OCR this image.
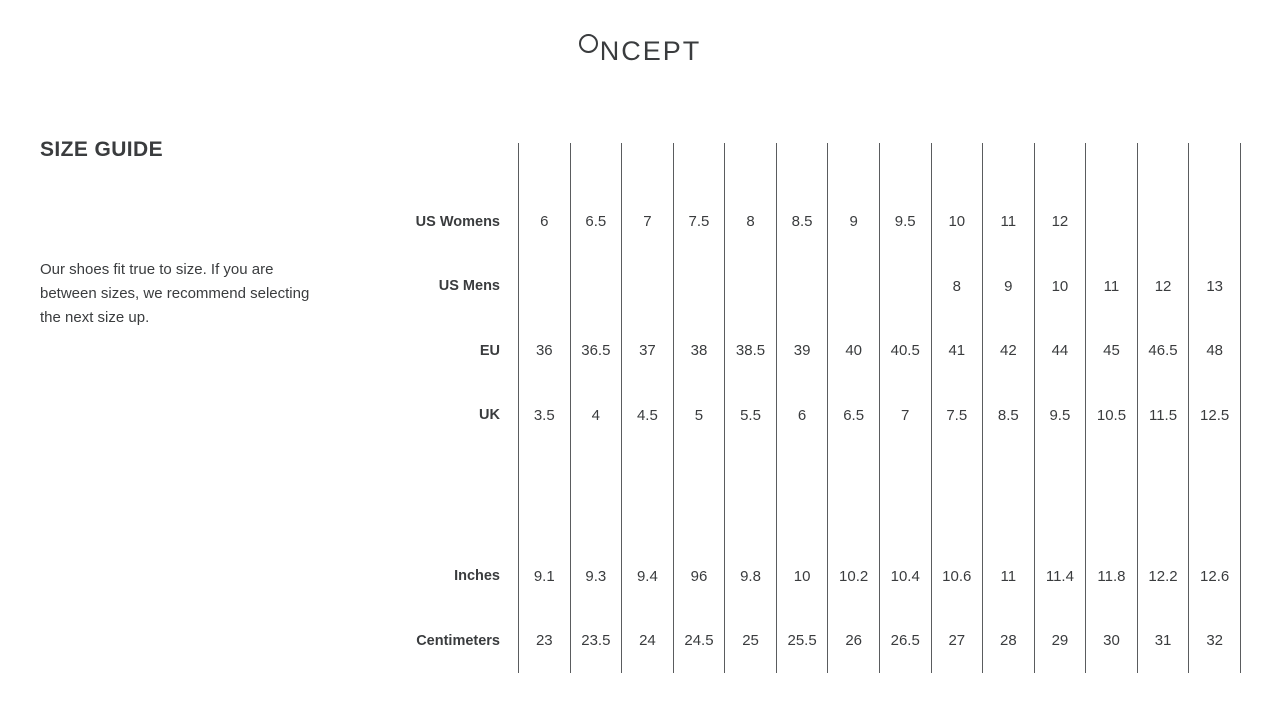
NCEPT
SIZE GUIDE

Our shoes fit true to size. If you are between sizes, we recommend selecting the next size up.

US Womens	6	6.5	7	7.5	8	8.5	9	9.5	10	11	12			
US Mens									8	9	10	11	12	13
EU	36	36.5	37	38	38.5	39	40	40.5	41	42	44	45	46.5	48
UK	3.5	4	4.5	5	5.5	6	6.5	7	7.5	8.5	9.5	10.5	11.5	12.5

Inches	9.1	9.3	9.4	96	9.8	10	10.2	10.4	10.6	11	11.4	11.8	12.2	12.6
Centimeters	23	23.5	24	24.5	25	25.5	26	26.5	27	28	29	30	31	32
